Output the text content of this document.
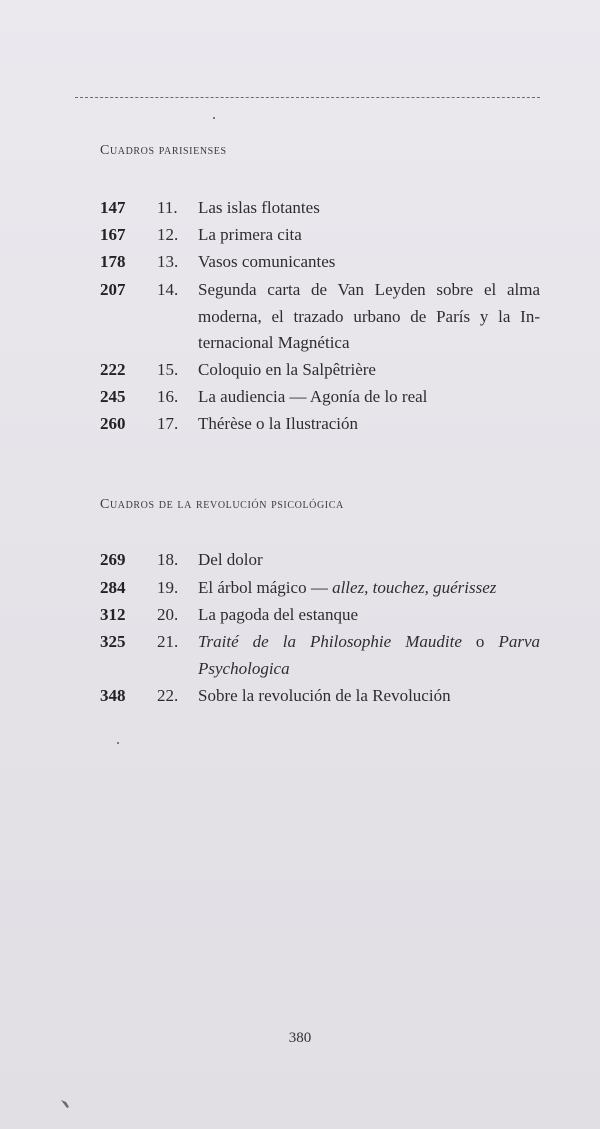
Cuadros parisienses
147 11. Las islas flotantes
167 12. La primera cita
178 13. Vasos comunicantes
207 14. Segunda carta de Van Leyden sobre el alma
moderna, el trazado urbano de París y la In-
ternacional Magnética
222 15. Coloquio en la Salpêtrière
245 16. La audiencia — Agonía de lo real
260 17. Thérèse o la Ilustración
Cuadros de la revolución psicológica
269 18. Del dolor
284 19. El árbol mágico — allez, touchez, guérissez
312 20. La pagoda del estanque
325 21. Traité de la Philosophie Maudite o Parva
Psychologica
348 22. Sobre la revolución de la Revolución
380
